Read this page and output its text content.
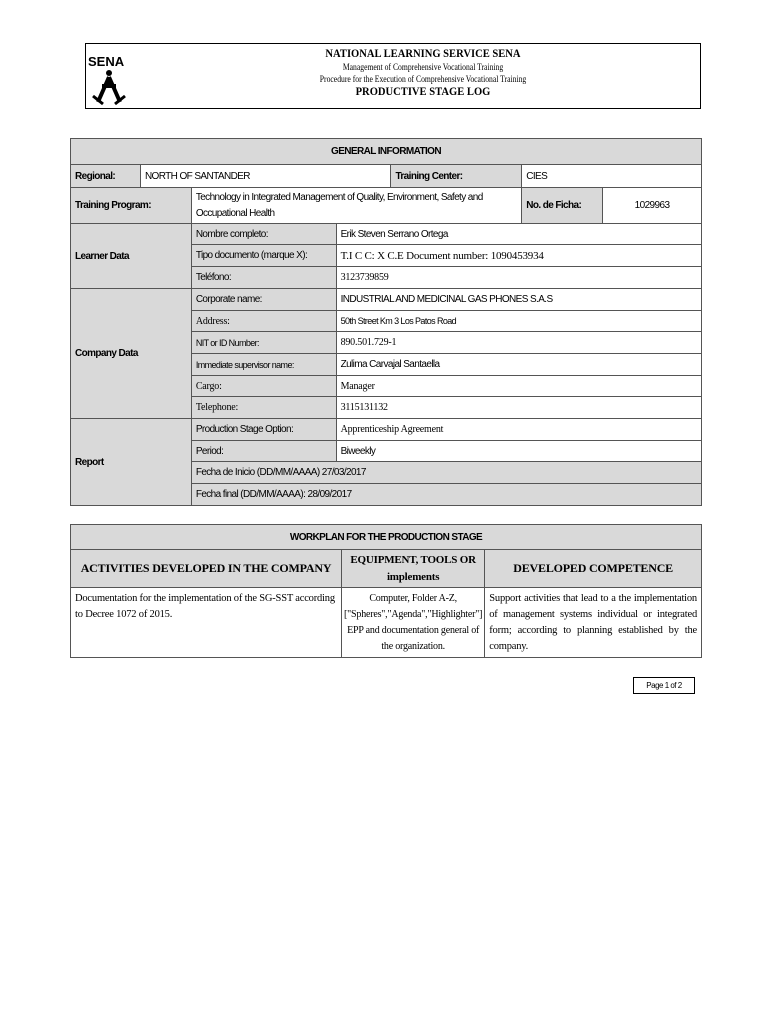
SENA
NATIONAL LEARNING SERVICE SENA
Management of Comprehensive Vocational Training
Procedure for the Execution of Comprehensive Vocational Training
PRODUCTIVE STAGE LOG
GENERAL INFORMATION						
Regional:	NORTH OF SANTANDER			Training Center:	CIES	
Training Program:		Technology in Integrated Management of Quality, Environment, Safety and Occupational Health			No. de Ficha:	1029963
Learner Data		Nombre completo:	Erik Steven Serrano Ortega			
		Tipo documento (marque X):	T.I C C: X C.E Document number: 1090453934			
		Teléfono:	3123739859			
Company Data		Corporate name:	INDUSTRIAL AND MEDICINAL GAS PHONES S.A.S			
		Address:	50th Street Km 3 Los Patos Road			
		NIT or ID Number:	890.501.729-1			
		Immediate supervisor name:	Zulima Carvajal Santaella			
		Cargo:	Manager			
		Telephone:	3115131132			
Report		Production Stage Option:	Apprenticeship Agreement			
		Period:	Biweekly			
		Fecha de Inicio (DD/MM/AAAA) 27/03/2017				
		Fecha final (DD/MM/AAAA): 28/09/2017				
WORKPLAN FOR THE PRODUCTION STAGE		
ACTIVITIES DEVELOPED IN THE COMPANY	EQUIPMENT, TOOLS OR implements	DEVELOPED COMPETENCE
Documentation for the implementation of the SG-SST according to Decree 1072 of 2015.	Computer, Folder A-Z, ["Spheres","Agenda","Highlighter"] EPP and documentation general of the organization.	Support activities that lead to a the implementation of management systems individual or integrated form; according to planning established by the company.
Page 1 of 2
